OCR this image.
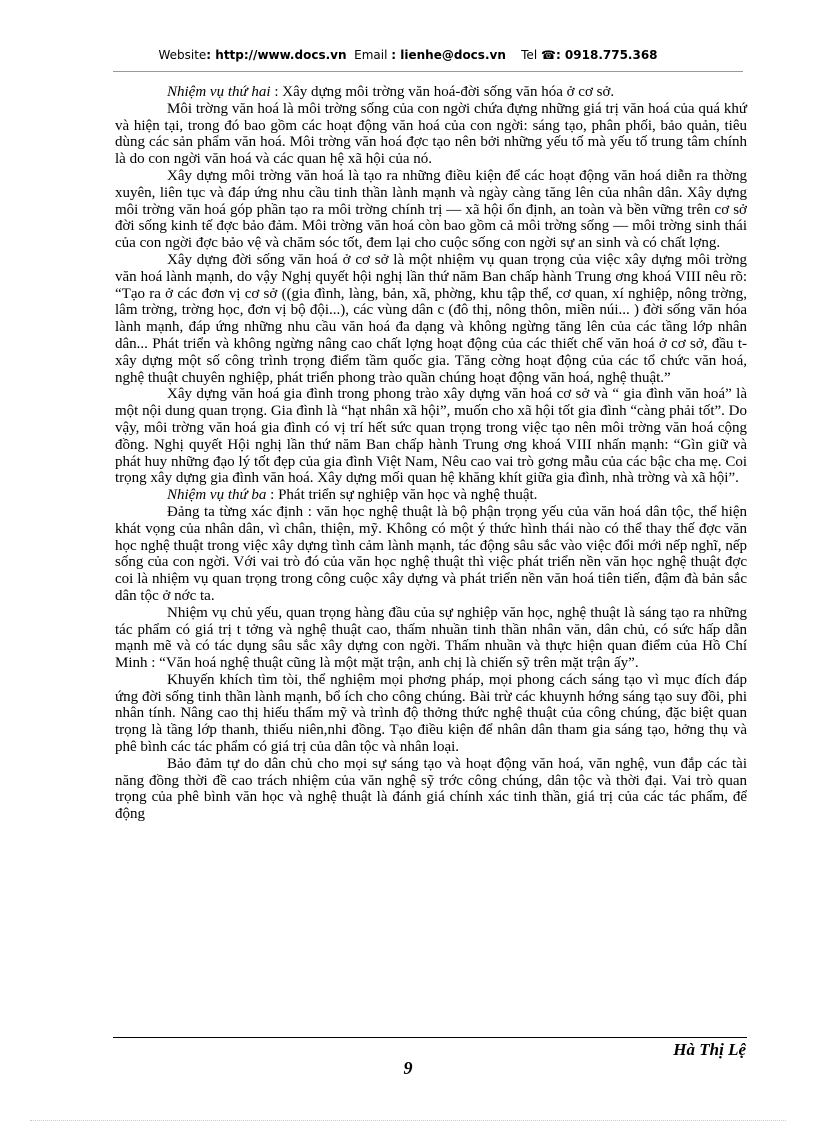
Website: http://www.docs.vn Email : lienhe@docs.vn Tel ☎: 0918.775.368

Nhiệm vụ thứ hai : Xây dựng môi trờng văn hoá-đời sống văn hóa ở cơ sở.

Môi trờng văn hoá là môi trờng sống của con ngời chứa đựng những giá trị văn hoá của quá khứ và hiện tại, trong đó bao gồm các hoạt động văn hoá của con ngời: sáng tạo, phân phối, bảo quản, tiêu dùng các sản phẩm văn hoá. Môi trờng văn hoá đợc tạo nên bởi những yếu tố mà yếu tố trung tâm chính là do con ngời văn hoá và các quan hệ xã hội của nó.

Xây dựng môi trờng văn hoá là tạo ra những điều kiện để các hoạt động văn hoá diễn ra thờng xuyên, liên tục và đáp ứng nhu cầu tinh thần lành mạnh và ngày càng tăng lên của nhân dân. Xây dựng môi trờng văn hoá góp phần tạo ra môi trờng chính trị — xã hội ổn định, an toàn và bền vững trên cơ sở đời sống kinh tế đợc bảo đảm. Môi trờng văn hoá còn bao gồm cả môi trờng sống — môi trờng sinh thái của con ngời đợc bảo vệ và chăm sóc tốt, đem lại cho cuộc sống con ngời sự an sinh và có chất lợng.

Xây dựng đời sống văn hoá ở cơ sở là một nhiệm vụ quan trọng của việc xây dựng môi trờng văn hoá lành mạnh, do vậy Nghị quyết hội nghị lần thứ năm Ban chấp hành Trung ơng khoá VIII nêu rõ: “Tạo ra ở các đơn vị cơ sở ((gia đình, làng, bản, xã, phờng, khu tập thể, cơ quan, xí nghiệp, nông trờng, lâm trờng, trờng học, đơn vị bộ đội...), các vùng dân c (đô thị, nông thôn, miền núi... ) đời sống văn hóa lành mạnh, đáp ứng những nhu cầu văn hoá đa dạng và không ngừng tăng lên của các tầng lớp nhân dân... Phát triển và không ngừng nâng cao chất lợng hoạt động của các thiết chế văn hoá ở cơ sở, đầu t xây dựng một số công trình trọng điểm tầm quốc gia. Tăng cờng hoạt động của các tổ chức văn hoá, nghệ thuật chuyên nghiệp, phát triển phong trào quần chúng hoạt động văn hoá, nghệ thuật.”

Xây dựng văn hoá gia đình trong phong trào xây dựng văn hoá cơ sở và “ gia đình văn hoá” là một nội dung quan trọng. Gia đình là “hạt nhân xã hội”, muốn cho xã hội tốt gia đình “càng phải tốt”. Do vậy, môi trờng văn hoá gia đình có vị trí hết sức quan trọng trong việc tạo nên môi trờng văn hoá cộng đồng. Nghị quyết Hội nghị lần thứ năm Ban chấp hành Trung ơng khoá VIII nhấn mạnh: “Gìn giữ và phát huy những đạo lý tốt đẹp của gia đình Việt Nam, Nêu cao vai trò gơng mẫu của các bậc cha mẹ. Coi trọng xây dựng gia đình văn hoá. Xây dựng mối quan hệ khăng khít giữa gia đình, nhà trờng và xã hội”.

Nhiệm vụ thứ ba : Phát triển sự nghiệp văn học và nghệ thuật.

Đảng ta từng xác định : văn học nghệ thuật là bộ phận trọng yếu của văn hoá dân tộc, thể hiện khát vọng của nhân dân, vì chân, thiện, mỹ. Không có một ý thức hình thái nào có thể thay thế đợc văn học nghệ thuật trong việc xây dựng tình cảm lành mạnh, tác động sâu sắc vào việc đổi mới nếp nghĩ, nếp sống của con ngời. Với vai trò đó của văn học nghệ thuật thì việc phát triển nền văn học nghệ thuật đợc coi là nhiệm vụ quan trọng trong công cuộc xây dựng và phát triển nền văn hoá tiên tiến, đậm đà bản sắc dân tộc ở nớc ta.

Nhiệm vụ chủ yếu, quan trọng hàng đầu của sự nghiệp văn học, nghệ thuật là sáng tạo ra những tác phẩm có giá trị t tởng và nghệ thuật cao, thấm nhuần tinh thần nhân văn, dân chủ, có sức hấp dẫn mạnh mẽ và có tác dụng sâu sắc xây dựng con ngời. Thấm nhuần và thực hiện quan điểm của Hồ Chí Minh : “Văn hoá nghệ thuật cũng là một mặt trận, anh chị là chiến sỹ trên mặt trận ấy”.

Khuyến khích tìm tòi, thể nghiệm mọi phơng pháp, mọi phong cách sáng tạo vì mục đích đáp ứng đời sống tinh thần lành mạnh, bổ ích cho công chúng. Bài trừ các khuynh hớng sáng tạo suy đồi, phi nhân tính. Nâng cao thị hiếu thẩm mỹ và trình độ thởng thức nghệ thuật của công chúng, đặc biệt quan trọng là tầng lớp thanh, thiếu niên,nhi đồng. Tạo điều kiện để nhân dân tham gia sáng tạo, hởng thụ và phê bình các tác phẩm có giá trị của dân tộc và nhân loại.

Bảo đảm tự do dân chủ cho mọi sự sáng tạo và hoạt động văn hoá, văn nghệ, vun đắp các tài năng đồng thời đề cao trách nhiệm của văn nghệ sỹ trớc công chúng, dân tộc và thời đại. Vai trò quan trọng của phê bình văn học và nghệ thuật là đánh giá chính xác tinh thần, giá trị của các tác phẩm, để động

Hà Thị Lệ
9
